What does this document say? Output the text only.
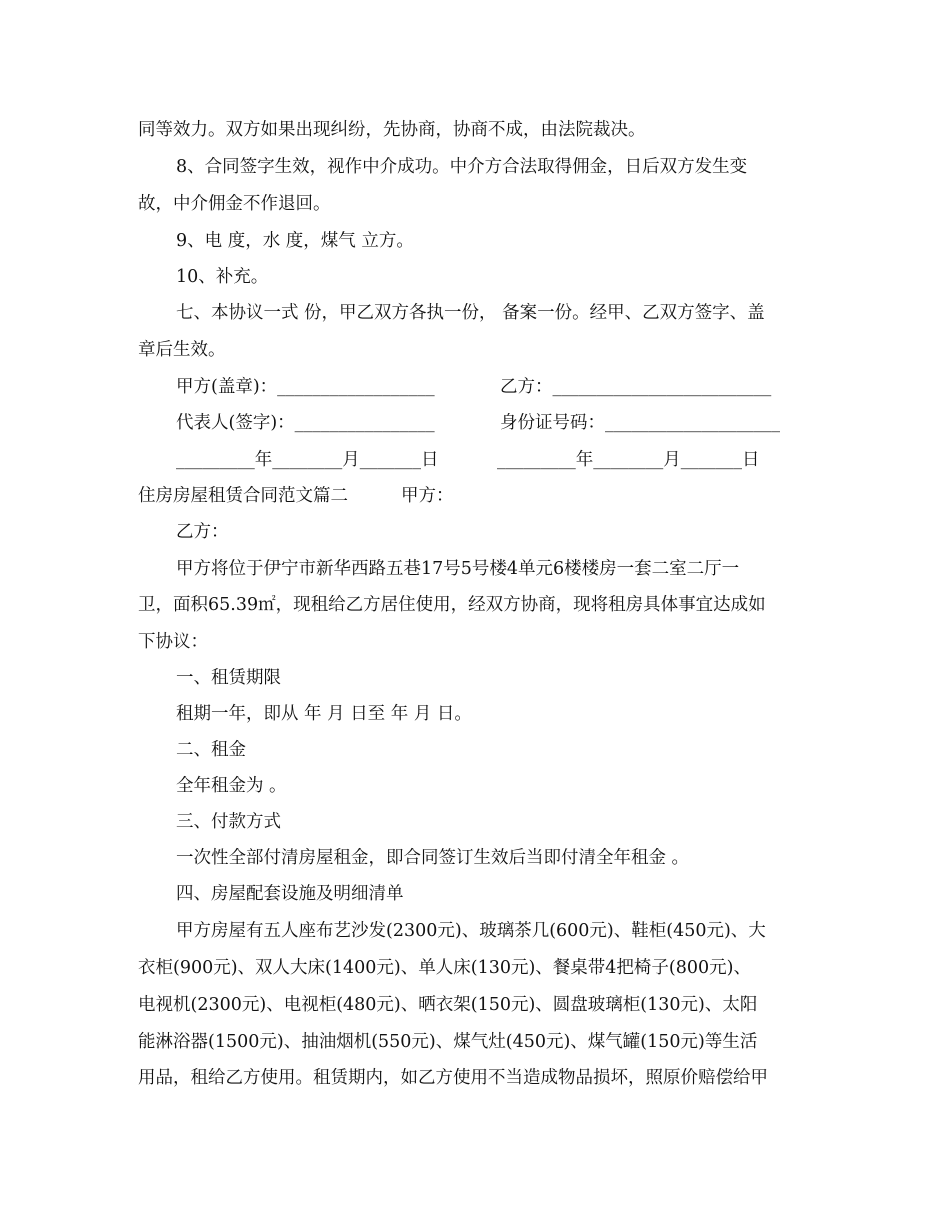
同等效力。双方如果出现纠纷，先协商，协商不成，由法院裁决。
8、合同签字生效，视作中介成功。中介方合法取得佣金，日后双方发生变
故，中介佣金不作退回。
9、电 度，水 度，煤气 立方。
10、补充。
七、本协议一式 份，甲乙双方各执一份， 备案一份。经甲、乙双方签字、盖
章后生效。
甲方(盖章)：__________________	乙方：_________________________
代表人(签字)：________________	身份证号码：____________________
_________年________月_______日	_________年________月_______日
住房房屋租赁合同范文篇二	甲方：
乙方：
甲方将位于伊宁市新华西路五巷17号5号楼4单元6楼楼房一套二室二厅一
卫，面积65.39㎡，现租给乙方居住使用，经双方协商，现将租房具体事宜达成如
下协议：
一、租赁期限
租期一年，即从 年 月 日至 年 月 日。
二、租金
全年租金为 。
三、付款方式
一次性全部付清房屋租金，即合同签订生效后当即付清全年租金 。
四、房屋配套设施及明细清单
甲方房屋有五人座布艺沙发(2300元)、玻璃茶几(600元)、鞋柜(450元)、大
衣柜(900元)、双人大床(1400元)、单人床(130元)、餐桌带4把椅子(800元)、
电视机(2300元)、电视柜(480元)、晒衣架(150元)、圆盘玻璃柜(130元)、太阳
能淋浴器(1500元)、抽油烟机(550元)、煤气灶(450元)、煤气罐(150元)等生活
用品，租给乙方使用。租赁期内，如乙方使用不当造成物品损坏，照原价赔偿给甲
